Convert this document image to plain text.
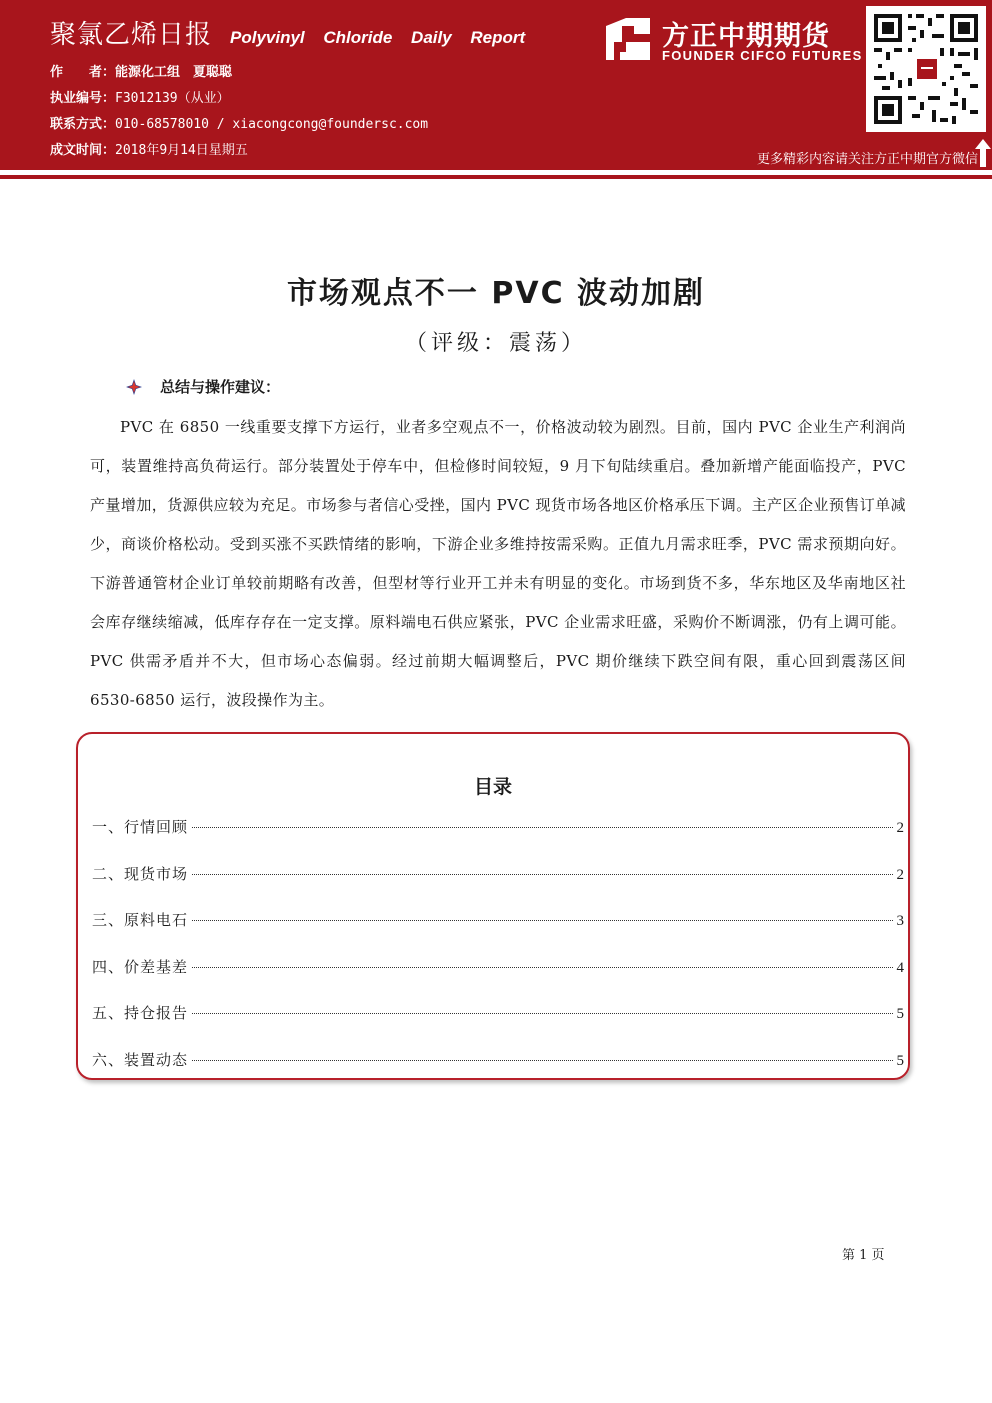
聚氯乙烯日报 Polyvinyl Chloride Daily Report
作　　者：能源化工组　夏聪聪
执业编号：F3012139（从业）
联系方式：010-68578010 / xiacongcong@foundersc.com
成文时间：2018年9月14日星期五
方正中期期货
FOUNDER CIFCO FUTURES
更多精彩内容请关注方正中期官方微信
市场观点不一 PVC 波动加剧
（评级：震荡）
总结与操作建议：

PVC 在 6850 一线重要支撑下方运行，业者多空观点不一，价格波动较为剧烈。目前，国内 PVC 企业生产利润尚可，装置维持高负荷运行。部分装置处于停车中，但检修时间较短，9 月下旬陆续重启。叠加新增产能面临投产，PVC 产量增加，货源供应较为充足。市场参与者信心受挫，国内 PVC 现货市场各地区价格承压下调。主产区企业预售订单减少，商谈价格松动。受到买涨不买跌情绪的影响，下游企业多维持按需采购。正值九月需求旺季，PVC 需求预期向好。下游普通管材企业订单较前期略有改善，但型材等行业开工并未有明显的变化。市场到货不多，华东地区及华南地区社会库存继续缩减，低库存存在一定支撑。原料端电石供应紧张，PVC 企业需求旺盛，采购价不断调涨，仍有上调可能。PVC 供需矛盾并不大，但市场心态偏弱。经过前期大幅调整后，PVC 期价继续下跌空间有限，重心回到震荡区间 6530-6850 运行，波段操作为主。

目录
一、行情回顾	2
二、现货市场	2
三、原料电石	3
四、价差基差	4
五、持仓报告	5
六、装置动态	5
第 1 页
